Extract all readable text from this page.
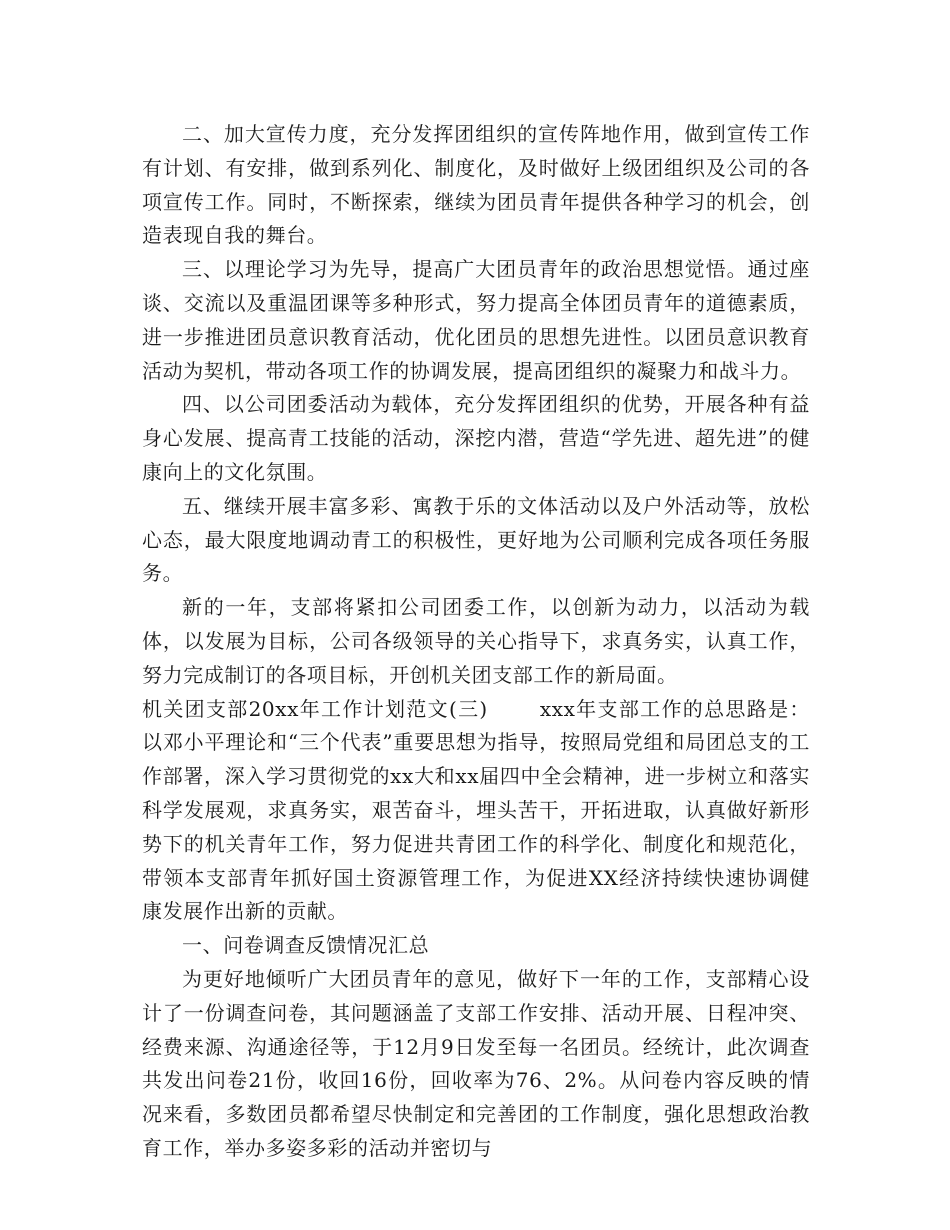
二、加大宣传力度，充分发挥团组织的宣传阵地作用，做到宣传工作有计划、有安排，做到系列化、制度化，及时做好上级团组织及公司的各项宣传工作。同时，不断探索，继续为团员青年提供各种学习的机会，创造表现自我的舞台。

三、以理论学习为先导，提高广大团员青年的政治思想觉悟。通过座谈、交流以及重温团课等多种形式，努力提高全体团员青年的道德素质，进一步推进团员意识教育活动，优化团员的思想先进性。以团员意识教育活动为契机，带动各项工作的协调发展，提高团组织的凝聚力和战斗力。

四、以公司团委活动为载体，充分发挥团组织的优势，开展各种有益身心发展、提高青工技能的活动，深挖内潜，营造“学先进、超先进”的健康向上的文化氛围。

五、继续开展丰富多彩、寓教于乐的文体活动以及户外活动等，放松心态，最大限度地调动青工的积极性，更好地为公司顺利完成各项任务服务。

新的一年，支部将紧扣公司团委工作，以创新为动力，以活动为载体，以发展为目标，公司各级领导的关心指导下，求真务实，认真工作，努力完成制订的各项目标，开创机关团支部工作的新局面。

机关团支部20xx年工作计划范文(三)	xxx年支部工作的总思路是：以邓小平理论和“三个代表”重要思想为指导，按照局党组和局团总支的工作部署，深入学习贯彻党的xx大和xx届四中全会精神，进一步树立和落实科学发展观，求真务实，艰苦奋斗，埋头苦干，开拓进取，认真做好新形势下的机关青年工作，努力促进共青团工作的科学化、制度化和规范化，带领本支部青年抓好国土资源管理工作，为促进XX经济持续快速协调健康发展作出新的贡献。

一、问卷调查反馈情况汇总

为更好地倾听广大团员青年的意见，做好下一年的工作，支部精心设计了一份调查问卷，其问题涵盖了支部工作安排、活动开展、日程冲突、经费来源、沟通途径等，于12月9日发至每一名团员。经统计，此次调查共发出问卷21份，收回16份，回收率为76、2%。从问卷内容反映的情况来看，多数团员都希望尽快制定和完善团的工作制度，强化思想政治教育工作，举办多姿多彩的活动并密切与
